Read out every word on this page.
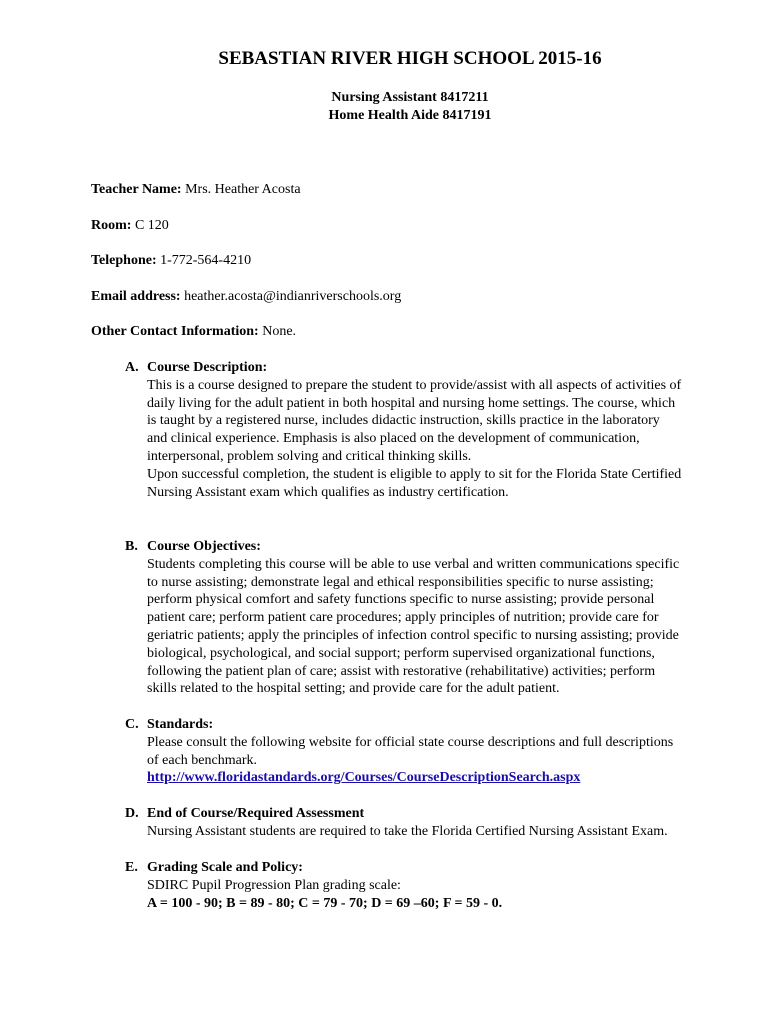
SEBASTIAN RIVER HIGH SCHOOL 2015-16
Nursing Assistant 8417211
Home Health Aide 8417191
Teacher Name: Mrs. Heather Acosta
Room: C 120
Telephone: 1-772-564-4210
Email address: heather.acosta@indianriverschools.org
Other Contact Information: None.
A. Course Description:

This is a course designed to prepare the student to provide/assist with all aspects of activities of

daily living for the adult patient in both hospital and nursing home settings. The course, which

is taught by a registered nurse, includes didactic instruction, skills practice in the laboratory

and clinical experience. Emphasis is also placed on the development of communication,

interpersonal, problem solving and critical thinking skills.

Upon successful completion, the student is eligible to apply to sit for the Florida State Certified

Nursing Assistant exam which qualifies as industry certification.

B. Course Objectives:

Students completing this course will be able to use verbal and written communications specific

to nurse assisting; demonstrate legal and ethical responsibilities specific to nurse assisting;

perform physical comfort and safety functions specific to nurse assisting; provide personal

patient care; perform patient care procedures; apply principles of nutrition; provide care for

geriatric patients; apply the principles of infection control specific to nursing assisting; provide

biological, psychological, and social support; perform supervised organizational functions,

following the patient plan of care; assist with restorative (rehabilitative) activities; perform

skills related to the hospital setting; and provide care for the adult patient.

C. Standards:

Please consult the following website for official state course descriptions and full descriptions

of each benchmark.

http://www.floridastandards.org/Courses/CourseDescriptionSearch.aspx

D. End of Course/Required Assessment

Nursing Assistant students are required to take the Florida Certified Nursing Assistant Exam.

E. Grading Scale and Policy:

SDIRC Pupil Progression Plan grading scale:

A = 100 - 90; B = 89 - 80; C = 79 - 70; D = 69 –60; F = 59 - 0.
